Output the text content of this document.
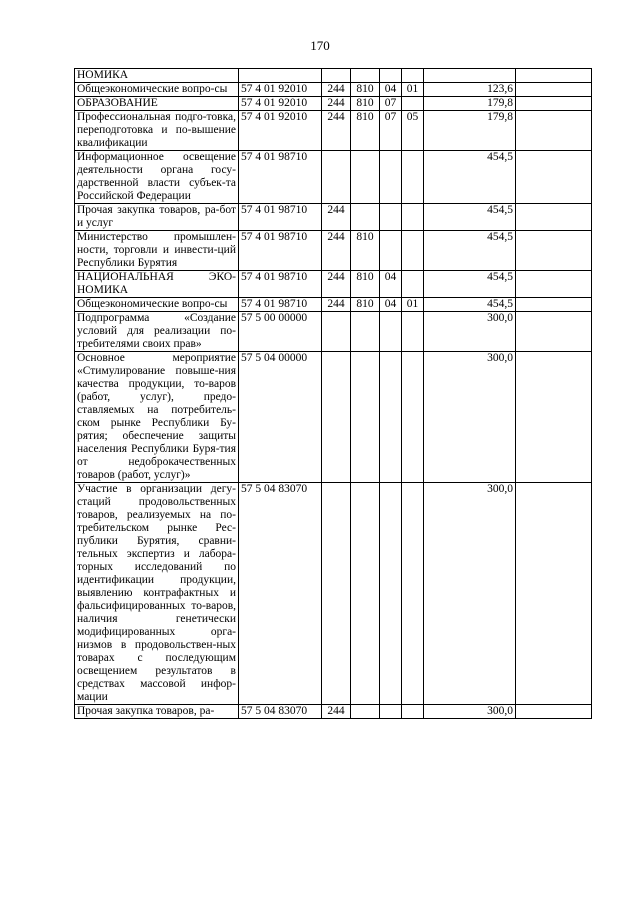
170
НОМИКА							
Общеэкономические вопро-сы	57 4 01 92010	244	810	04	01	123,6	
ОБРАЗОВАНИЕ	57 4 01 92010	244	810	07		179,8	
Профессиональная подго-товка, переподготовка и по-вышение квалификации	57 4 01 92010	244	810	07	05	179,8	
Информационное освещение деятельности органа госу-дарственной власти субъек-та Российской Федерации	57 4 01 98710					454,5	
Прочая закупка товаров, ра-бот и услуг	57 4 01 98710	244				454,5	
Министерство промышлен-ности, торговли и инвести-ций Республики Бурятия	57 4 01 98710	244	810			454,5	
НАЦИОНАЛЬНАЯ ЭКО-НОМИКА	57 4 01 98710	244	810	04		454,5	
Общеэкономические вопро-сы	57 4 01 98710	244	810	04	01	454,5	
Подпрограмма «Создание условий для реализации по-требителями своих прав»	57 5 00 00000					300,0	
Основное мероприятие «Стимулирование повыше-ния качества продукции, то-варов (работ, услуг), предо-ставляемых на потребитель-ском рынке Республики Бу-рятия; обеспечение защиты населения Республики Буря-тия от недоброкачественных товаров (работ, услуг)»	57 5 04 00000					300,0	
Участие в организации дегу-стаций продовольственных товаров, реализуемых на по-требительском рынке Рес-публики Бурятия, сравни-тельных экспертиз и лабора-торных исследований по идентификации продукции, выявлению контрафактных и фальсифицированных то-варов, наличия генетически модифицированных орга-низмов в продовольствен-ных товарах с последующим освещением результатов в средствах массовой инфор-мации	57 5 04 83070					300,0	
Прочая закупка товаров, ра-	57 5 04 83070	244				300,0	
